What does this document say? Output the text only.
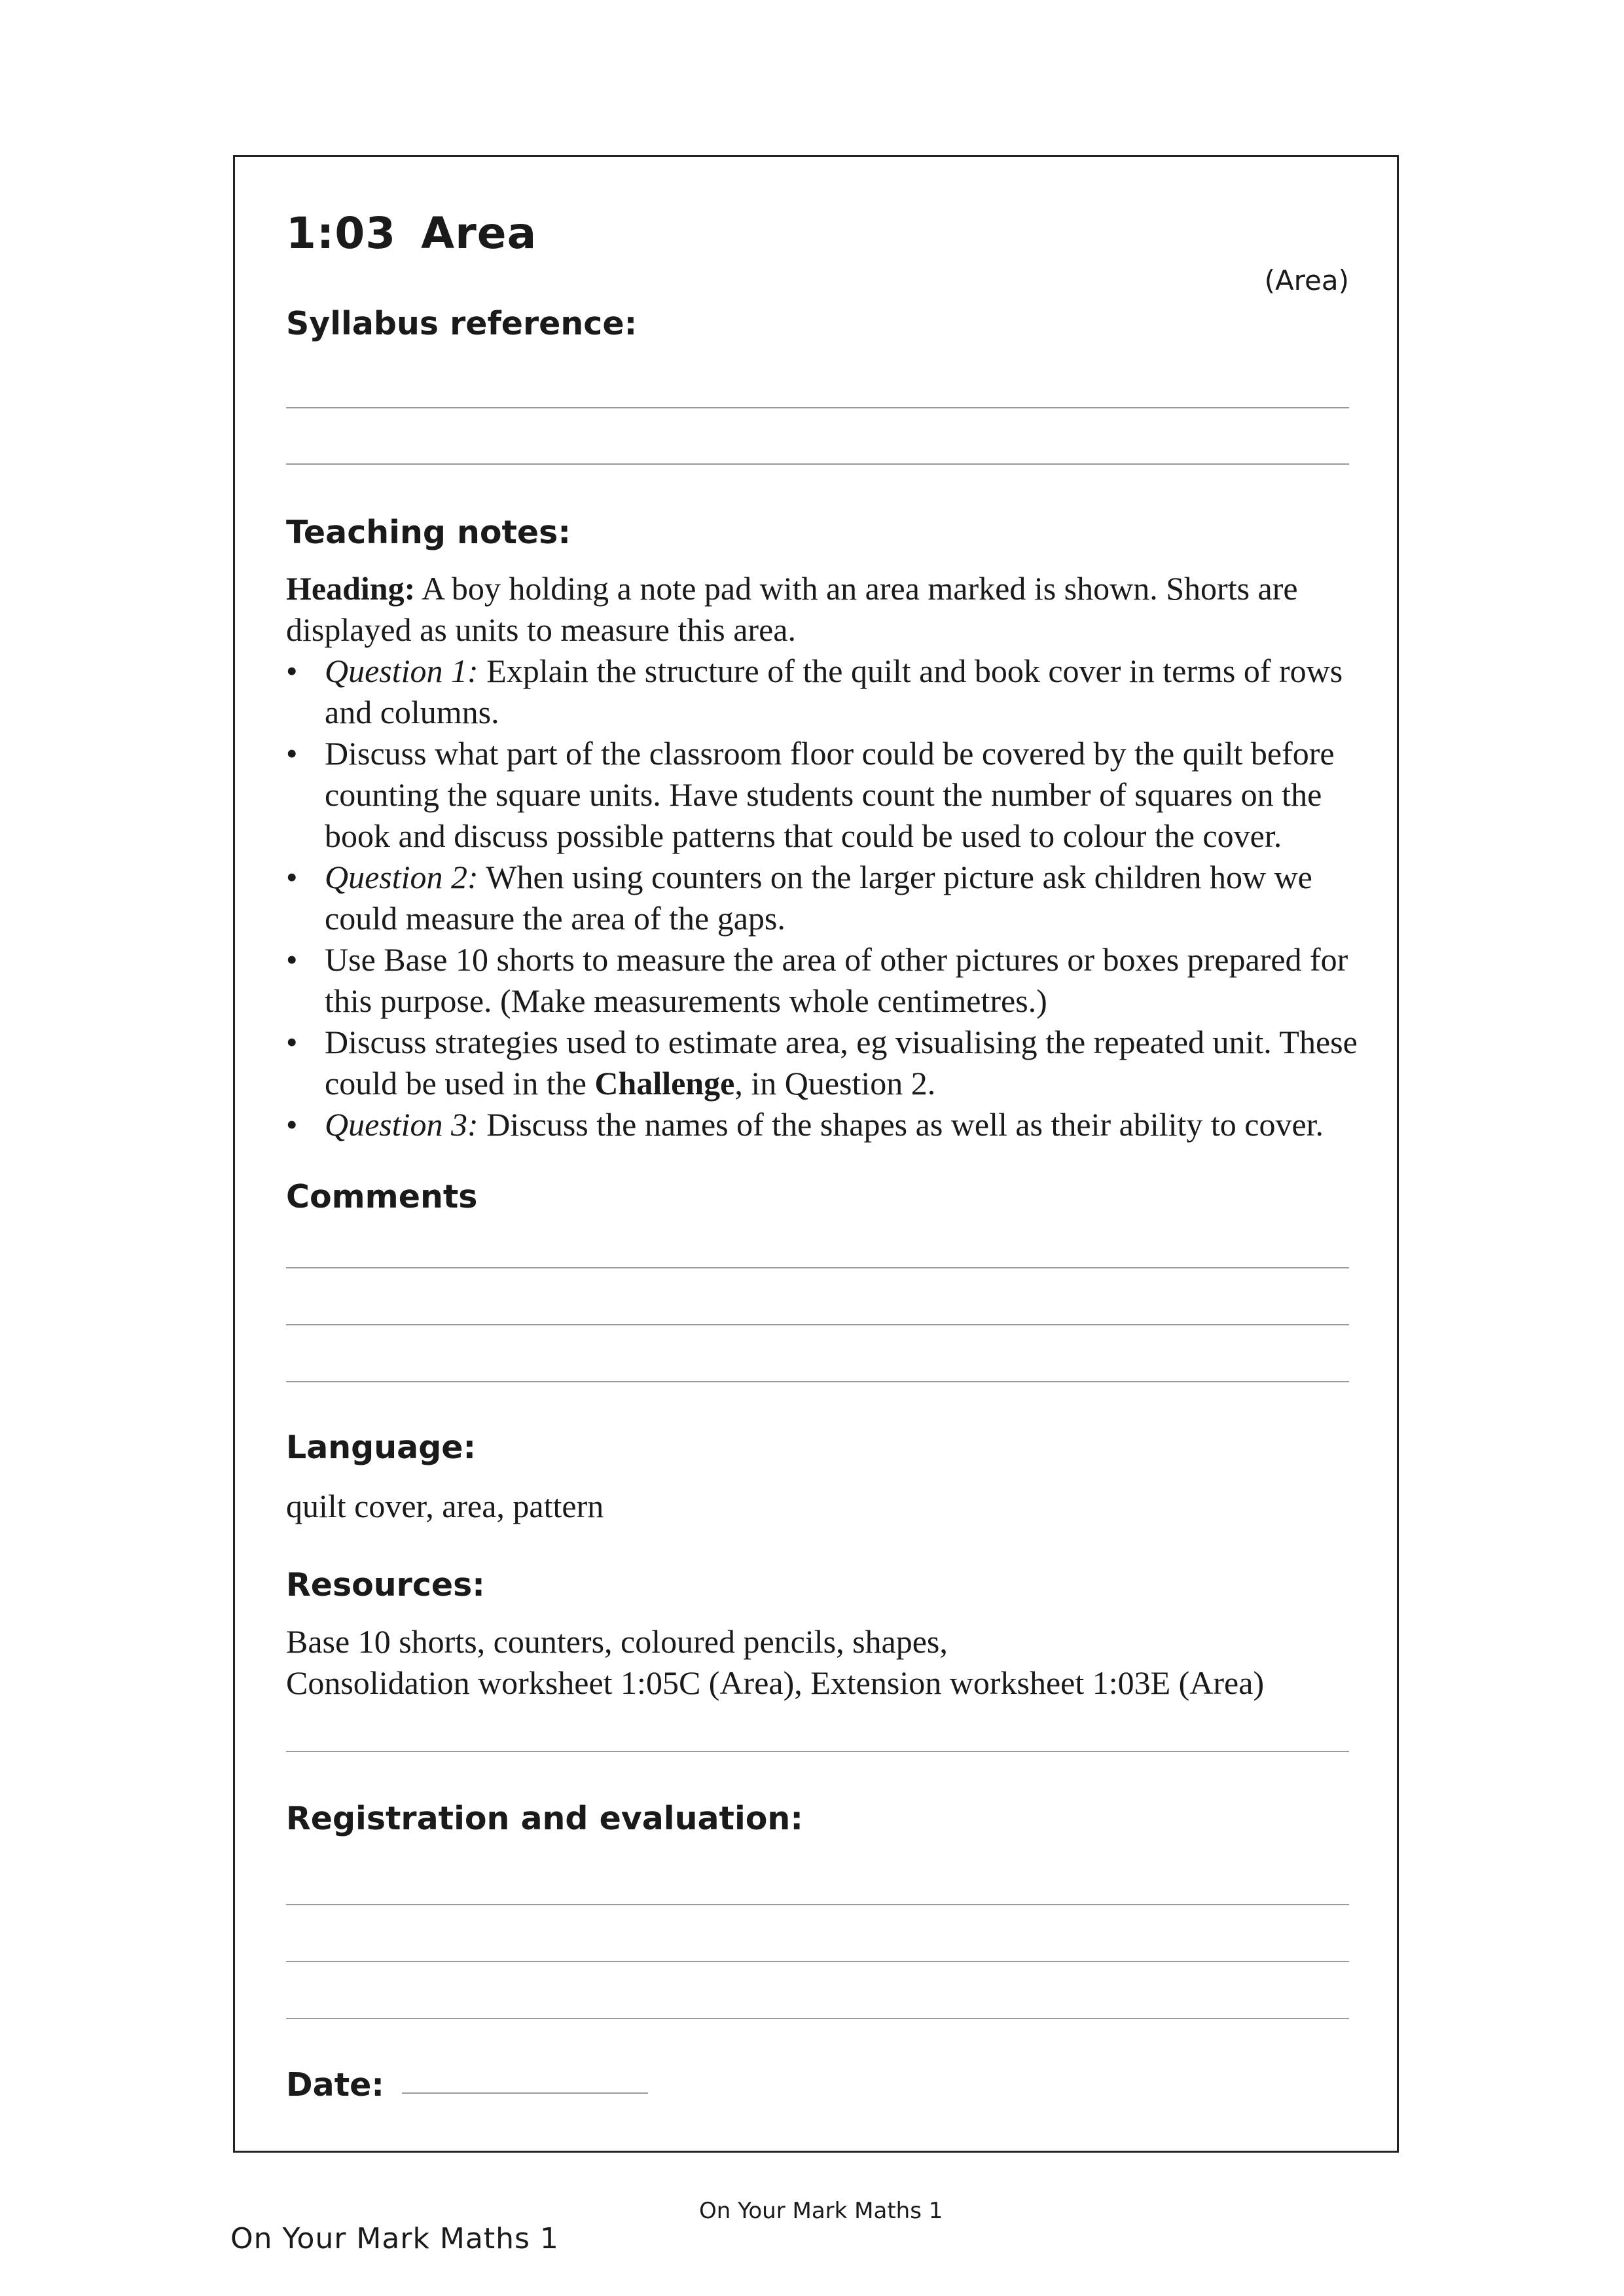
1:03 Area
(Area)
Syllabus reference:
Teaching notes:
Heading: A boy holding a note pad with an area marked is shown. Shorts are displayed as units to measure this area.
• Question 1: Explain the structure of the quilt and book cover in terms of rows and columns.
• Discuss what part of the classroom floor could be covered by the quilt before counting the square units. Have students count the number of squares on the book and discuss possible patterns that could be used to colour the cover.
• Question 2: When using counters on the larger picture ask children how we could measure the area of the gaps.
• Use Base 10 shorts to measure the area of other pictures or boxes prepared for this purpose. (Make measurements whole centimetres.)
• Discuss strategies used to estimate area, eg visualising the repeated unit. These could be used in the Challenge, in Question 2.
• Question 3: Discuss the names of the shapes as well as their ability to cover.
Comments
Language:
quilt cover, area, pattern
Resources:
Base 10 shorts, counters, coloured pencils, shapes,
Consolidation worksheet 1:05C (Area), Extension worksheet 1:03E (Area)
Registration and evaluation:
Date:
On Your Mark Maths 1
On Your Mark Maths 1
